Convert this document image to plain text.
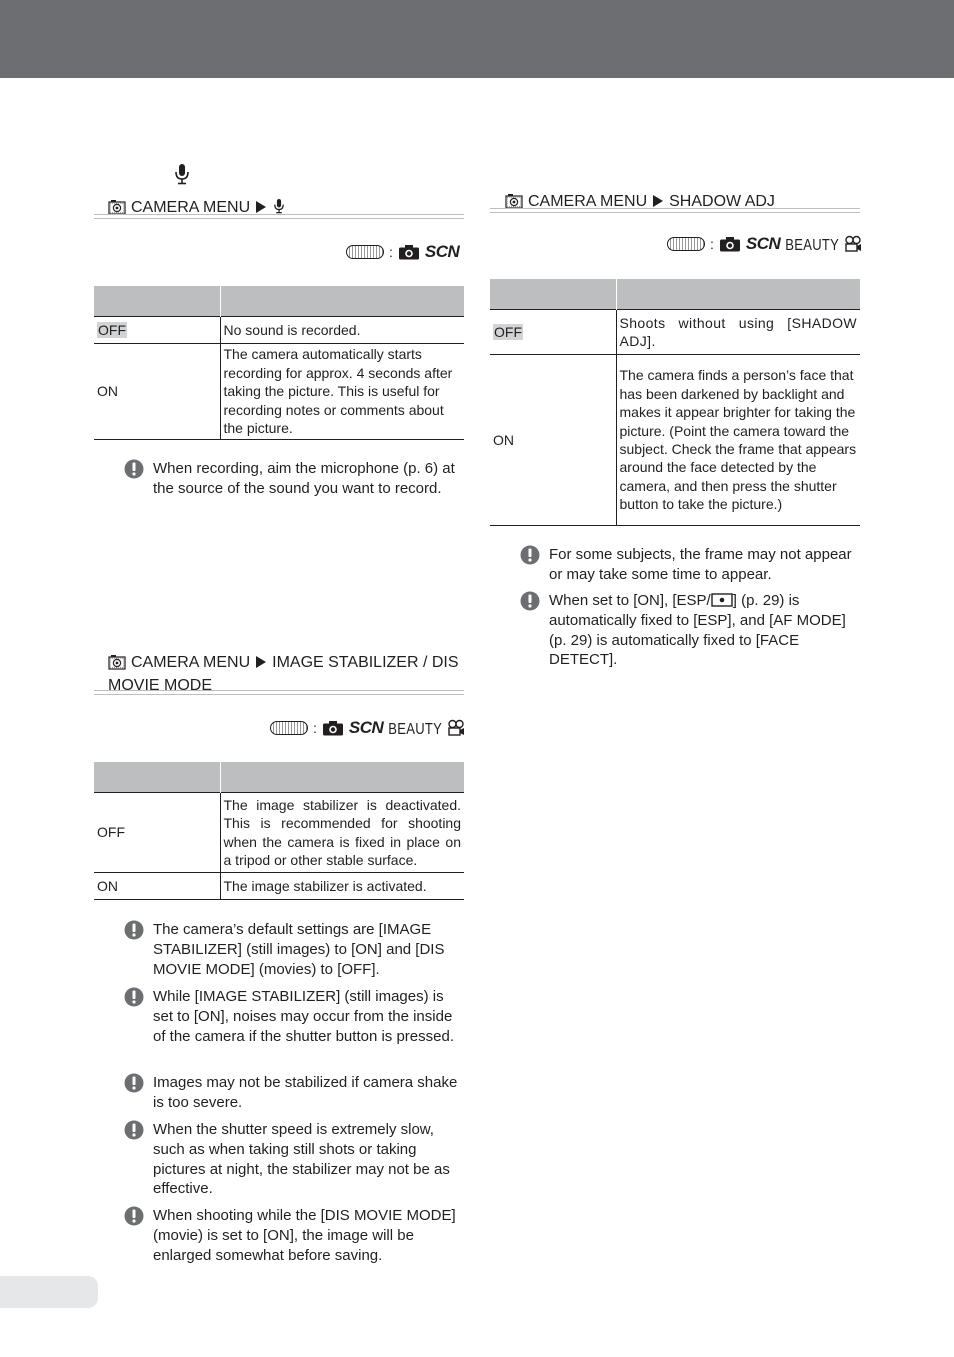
CAMERA MENU
: SCN

OFF	No sound is recorded.
ON	The camera automatically starts recording for approx. 4 seconds after taking the picture. This is useful for recording notes or comments about the picture.
When recording, aim the microphone (p. 6) at the source of the sound you want to record.
CAMERA MENU IMAGE STABILIZER / DIS MOVIE MODE
: SCN BEAUTY

OFF	The image stabilizer is deactivated. This is recommended for shooting when the camera is fixed in place on a tripod or other stable surface.
ON	The image stabilizer is activated.
The camera’s default settings are [IMAGE STABILIZER] (still images) to [ON] and [DIS MOVIE MODE] (movies) to [OFF].
While [IMAGE STABILIZER] (still images) is set to [ON], noises may occur from the inside of the camera if the shutter button is pressed.
Images may not be stabilized if camera shake is too severe.
When the shutter speed is extremely slow, such as when taking still shots or taking pictures at night, the stabilizer may not be as effective.
When shooting while the [DIS MOVIE MODE] (movie) is set to [ON], the image will be enlarged somewhat before saving.
CAMERA MENU SHADOW ADJ
: SCN BEAUTY

OFF	Shoots without using [SHADOW ADJ].
ON	The camera finds a person’s face that has been darkened by backlight and makes it appear brighter for taking the picture. (Point the camera toward the subject. Check the frame that appears around the face detected by the camera, and then press the shutter button to take the picture.)
For some subjects, the frame may not appear or may take some time to appear.
When set to [ON], [ESP/ ] (p. 29) is automatically fixed to [ESP], and [AF MODE] (p. 29) is automatically fixed to [FACE DETECT].
